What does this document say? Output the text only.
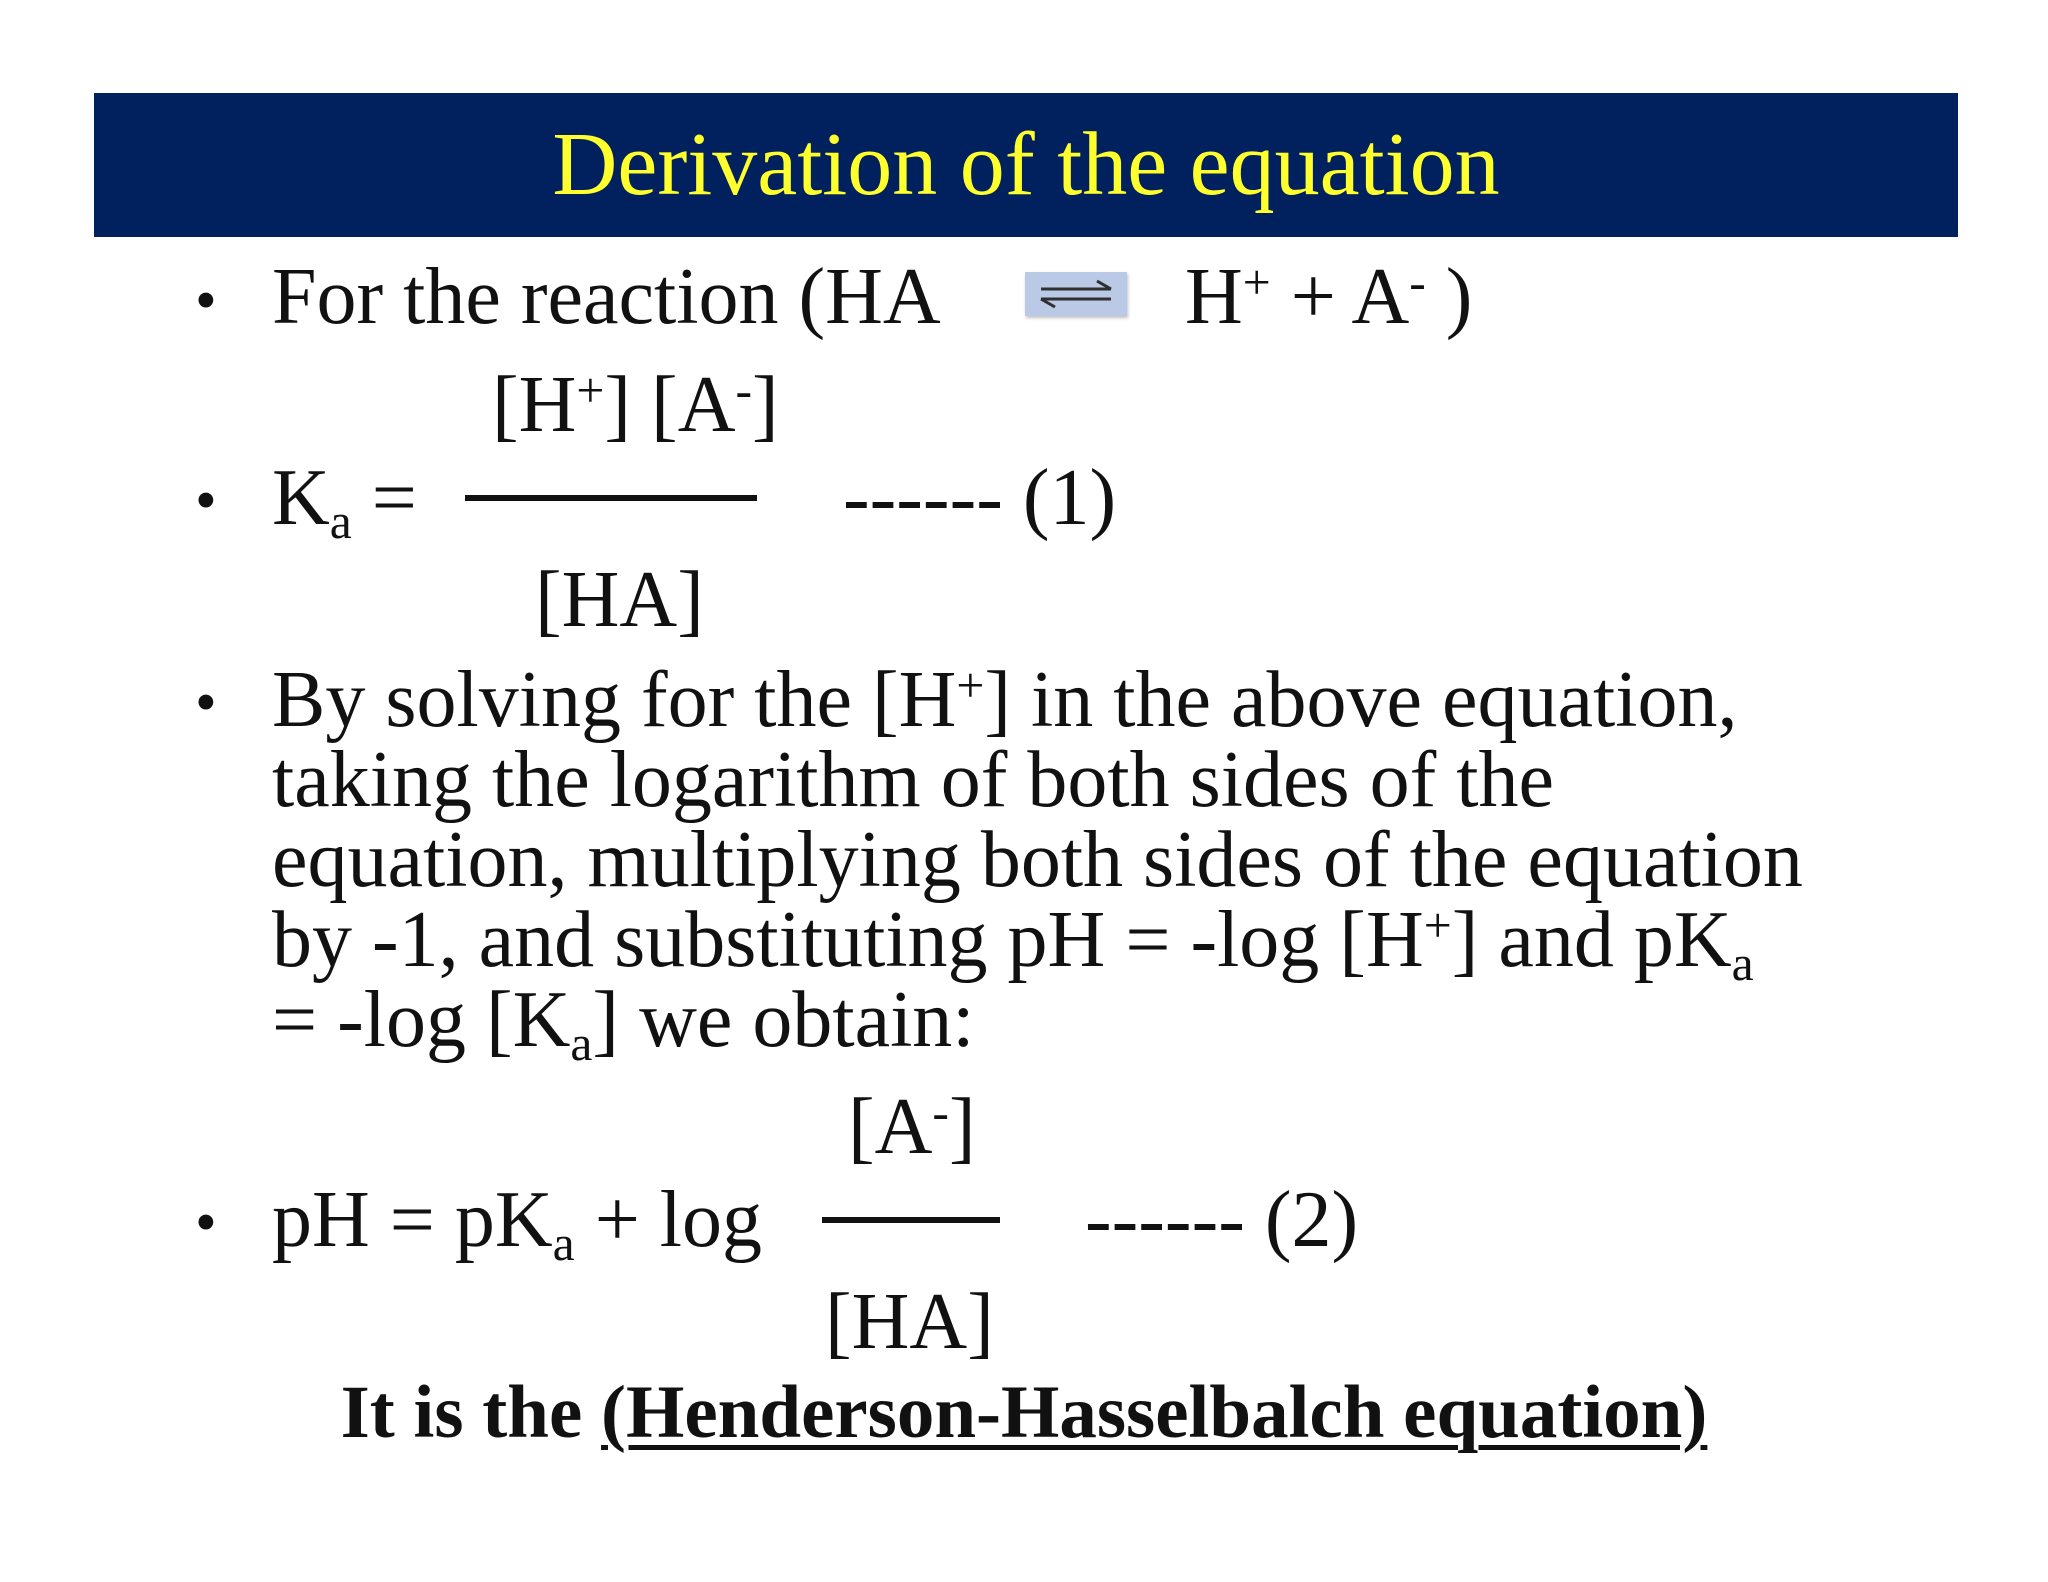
Derivation of the equation
• For the reaction (HA	H+ + A- )
[H+] [A-]
• $K_a$ =	------ (1)
[HA]
• By solving for the [H+] in the above equation,
taking the logarithm of both sides of the
equation, multiplying both sides of the equation
by -1, and substituting pH = -log [H+] and $pK_a$
= -log $[K_a]$ we obtain:
[A-]
• pH = $pK_a + \log$	------ (2)
[HA]
It is the (Henderson-Hasselbalch equation)
